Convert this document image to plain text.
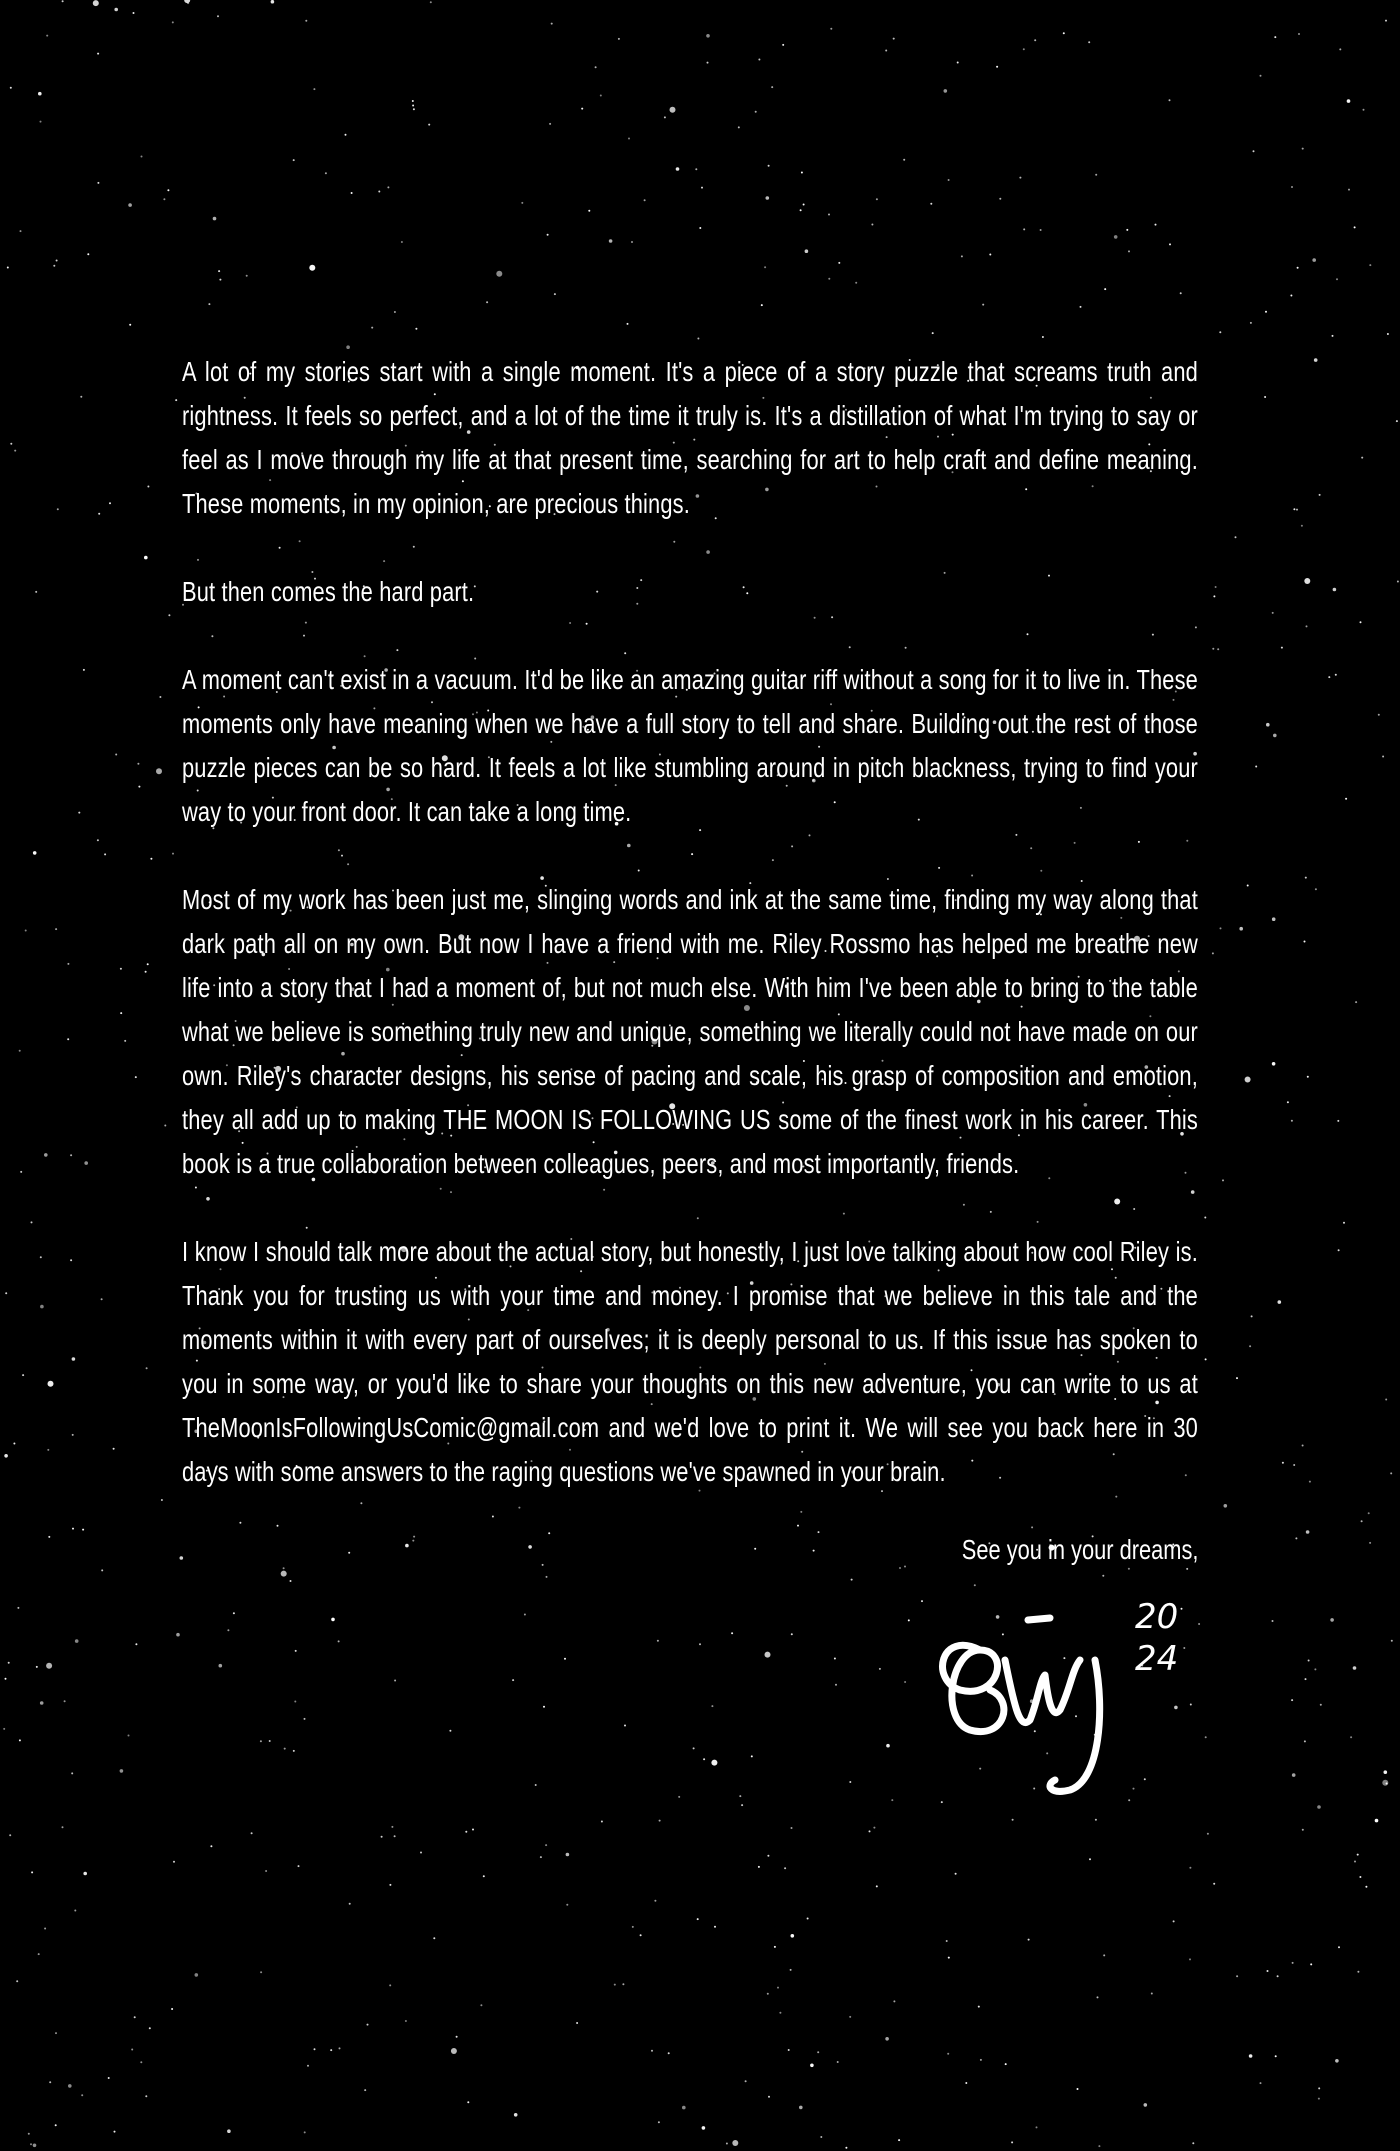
A lot of my stories start with a single moment. It's a piece of a story puzzle that screams truth and rightness. It feels so perfect, and a lot of the time it truly is. It's a distillation of what I'm trying to say or feel as I move through my life at that present time, searching for art to help craft and define meaning. These moments, in my opinion, are precious things.

But then comes the hard part.

A moment can't exist in a vacuum. It'd be like an amazing guitar riff without a song for it to live in. These moments only have meaning when we have a full story to tell and share. Building out the rest of those puzzle pieces can be so hard. It feels a lot like stumbling around in pitch blackness, trying to find your way to your front door. It can take a long time.

Most of my work has been just me, slinging words and ink at the same time, finding my way along that dark path all on my own. But now I have a friend with me. Riley Rossmo has helped me breathe new life into a story that I had a moment of, but not much else. With him I've been able to bring to the table what we believe is something truly new and unique, something we literally could not have made on our own. Riley's character designs, his sense of pacing and scale, his grasp of composition and emotion, they all add up to making THE MOON IS FOLLOWING US some of the finest work in his career. This book is a true collaboration between colleagues, peers, and most importantly, friends.

I know I should talk more about the actual story, but honestly, I just love talking about how cool Riley is. Thank you for trusting us with your time and money. I promise that we believe in this tale and the moments within it with every part of ourselves; it is deeply personal to us. If this issue has spoken to you in some way, or you'd like to share your thoughts on this new adventure, you can write to us at TheMoonIsFollowingUsComic@gmail.com and we'd love to print it. We will see you back here in 30 days with some answers to the raging questions we've spawned in your brain.

See you in your dreams,
20
24
